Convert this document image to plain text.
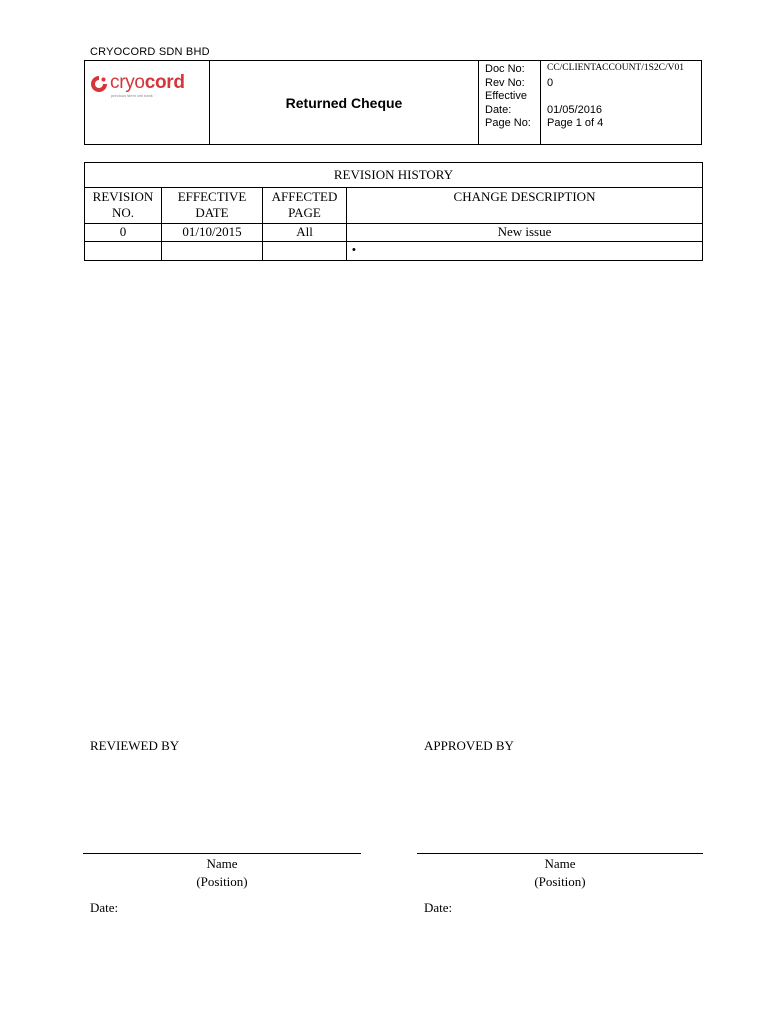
CRYOCORD SDN BHD
cryocord
precious stem cell bank	Returned Cheque
Doc No: CC/CLIENTACCOUNT/1S2C/V01
Rev No: 0
Effective
Date:	01/05/2016
Page No: Page 1 of 4
REVISION HISTORY			
REVISION NO.	EFFECTIVE DATE	AFFECTED PAGE	CHANGE DESCRIPTION
0	01/10/2015	All	New issue
			•
REVIEWED BY	APPROVED BY
Name
(Position)
Name
(Position)
Date:	Date:
